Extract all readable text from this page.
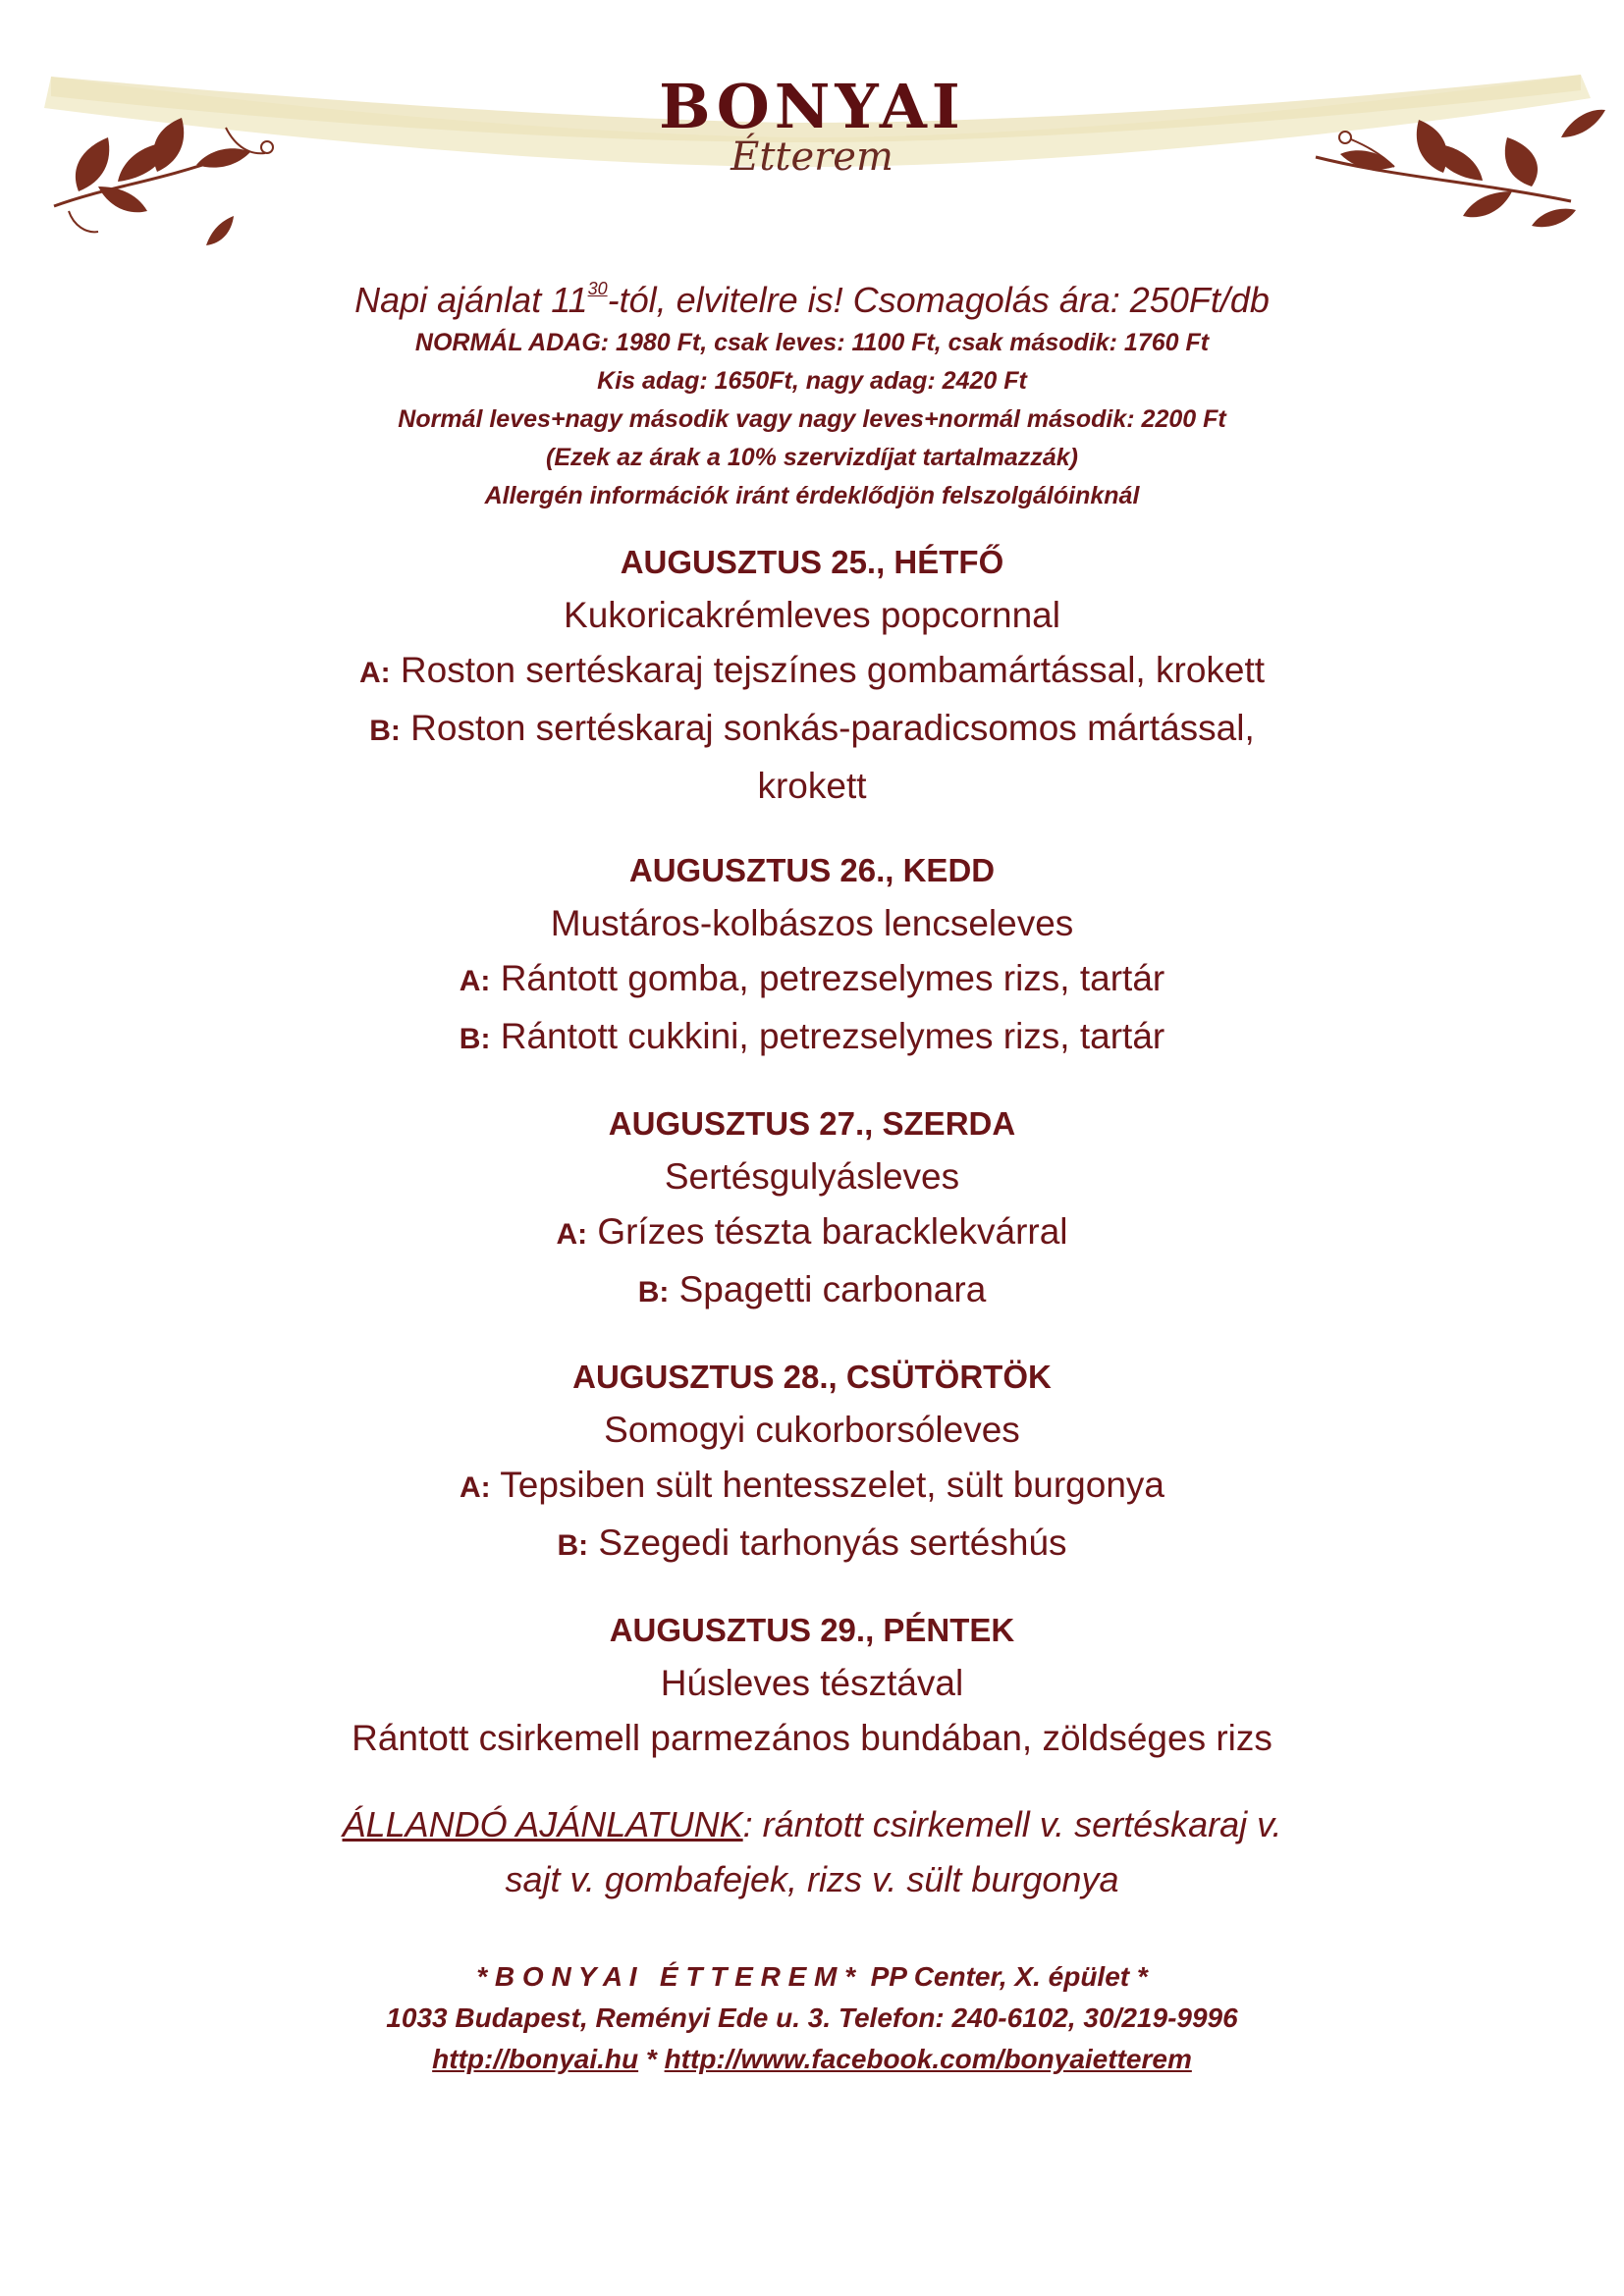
BONYAI
Étterem

Napi ajánlat $11^{30}$-tól, elvitelre is! Csomagolás ára: 250Ft/db

NORMÁL ADAG: 1980 Ft, csak leves: 1100 Ft, csak második: 1760 Ft

Kis adag: 1650Ft, nagy adag: 2420 Ft

Normál leves+nagy második vagy nagy leves+normál második: 2200 Ft

(Ezek az árak a 10% szervizdíjat tartalmazzák)

Allergén információk iránt érdeklődjön felszolgálóinknál

AUGUSZTUS 25., HÉTFŐ

Kukoricakrémleves popcornnal

A: Roston sertéskaraj tejszínes gombamártással, krokett

B: Roston sertéskaraj sonkás-paradicsomos mártással,

krokett

AUGUSZTUS 26., KEDD

Mustáros-kolbászos lencseleves

A: Rántott gomba, petrezselymes rizs, tartár

B: Rántott cukkini, petrezselymes rizs, tartár

AUGUSZTUS 27., SZERDA

Sertésgulyásleves

A: Grízes tészta baracklekvárral

B: Spagetti carbonara

AUGUSZTUS 28., CSÜTÖRTÖK

Somogyi cukorborsóleves

A: Tepsiben sült hentesszelet, sült burgonya

B: Szegedi tarhonyás sertéshús

AUGUSZTUS 29., PÉNTEK

Húsleves tésztával

Rántott csirkemell parmezános bundában, zöldséges rizs

ÁLLANDÓ AJÁNLATUNK: rántott csirkemell v. sertéskaraj v.

sajt v. gombafejek, rizs v. sült burgonya

* B O N Y A I   É T T E R E M *  PP Center, X. épület *

1033 Budapest, Reményi Ede u. 3. Telefon: 240-6102, 30/219-9996

http://bonyai.hu * http://www.facebook.com/bonyaietterem
